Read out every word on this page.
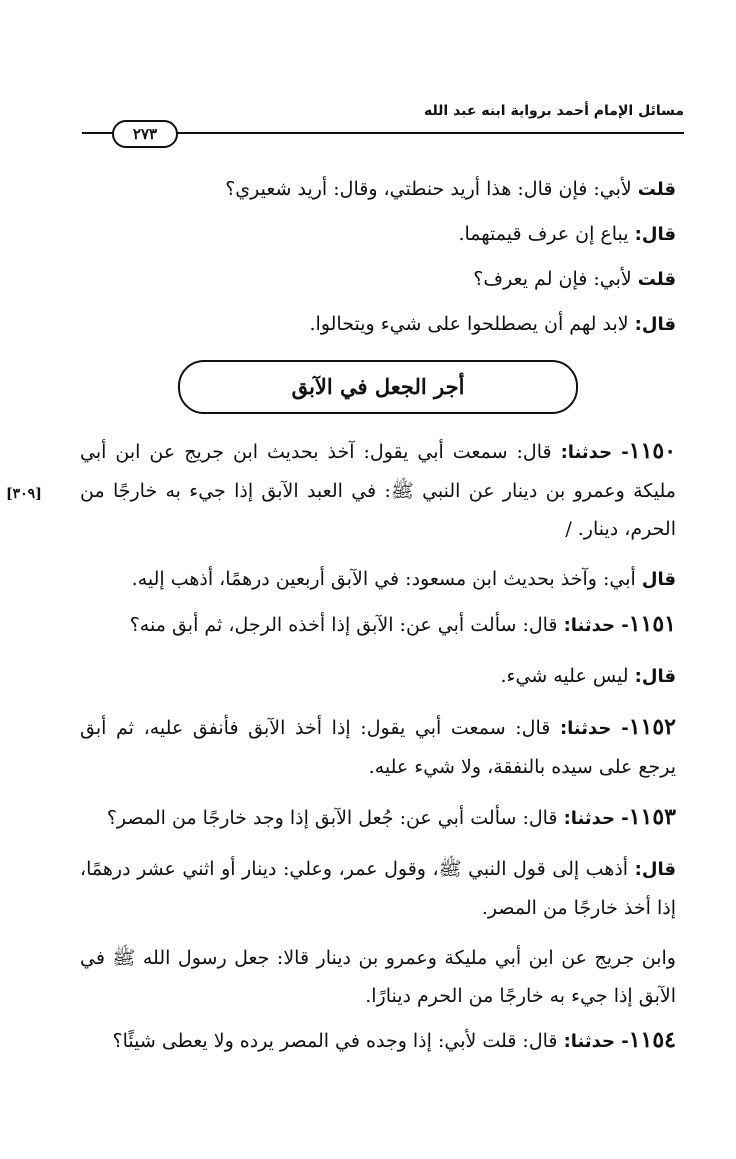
مسائل الإمام أحمد برواية ابنه عبد الله
٢٧٣
[٣٠٩]

قلت لأبي: فإن قال: هذا أريد حنطتي، وقال: أريد شعيري؟

قال: يباع إن عرف قيمتهما.

قلت لأبي: فإن لم يعرف؟

قال: لابد لهم أن يصطلحوا على شيء ويتحالوا.

أجر الجعل في الآبق

١١٥٠- حدثنا: قال: سمعت أبي يقول: آخذ بحديث ابن جريج عن ابن أبي مليكة وعمرو بن دينار عن النبي ﷺ: في العبد الآبق إذا جيء به خارجًا من الحرم، دينار. /

قال أبي: وآخذ بحديث ابن مسعود: في الآبق أربعين درهمًا، أذهب إليه.

١١٥١- حدثنا: قال: سألت أبي عن: الآبق إذا أخذه الرجل، ثم أبق منه؟

قال: ليس عليه شيء.

١١٥٢- حدثنا: قال: سمعت أبي يقول: إذا أخذ الآبق فأنفق عليه، ثم أبق يرجع على سيده بالنفقة، ولا شيء عليه.

١١٥٣- حدثنا: قال: سألت أبي عن: جُعل الآبق إذا وجد خارجًا من المصر؟

قال: أذهب إلى قول النبي ﷺ، وقول عمر، وعلي: دينار أو اثني عشر درهمًا، إذا أخذ خارجًا من المصر.

وابن جريج عن ابن أبي مليكة وعمرو بن دينار قالا: جعل رسول الله ﷺ في الآبق إذا جيء به خارجًا من الحرم دينارًا.

١١٥٤- حدثنا: قال: قلت لأبي: إذا وجده في المصر يرده ولا يعطى شيئًا؟
